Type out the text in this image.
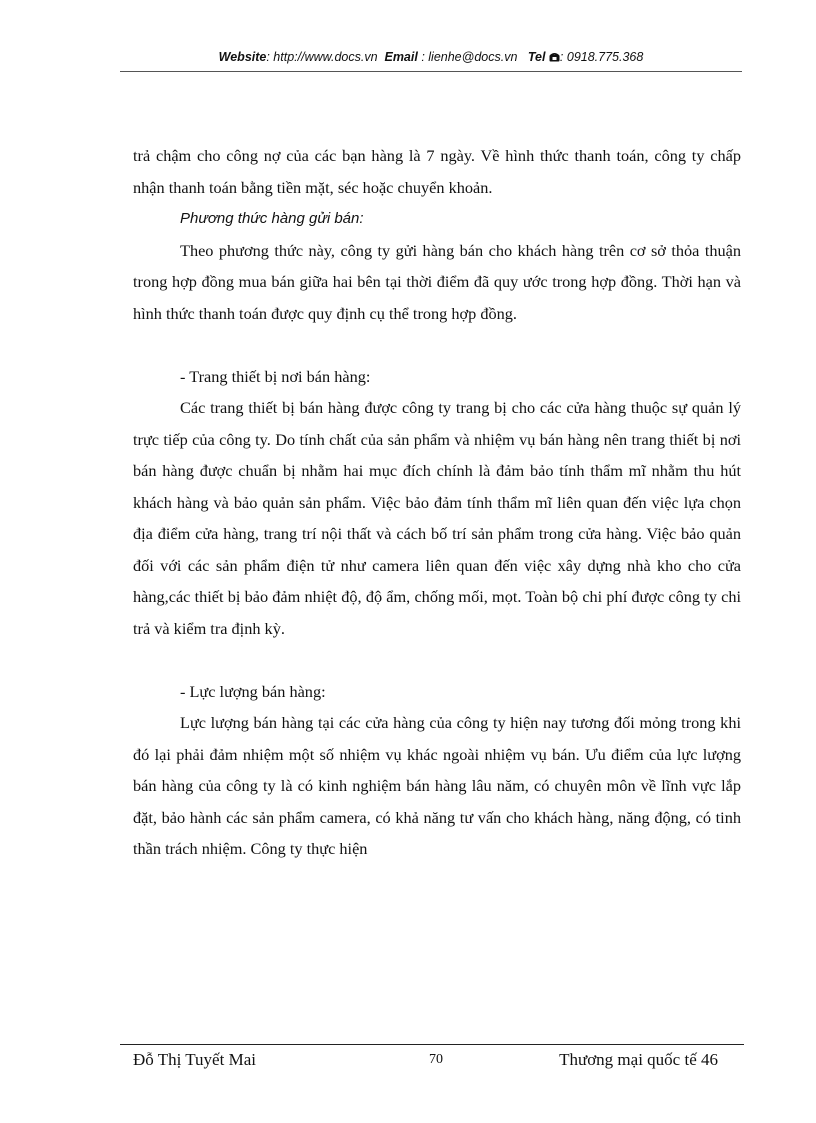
Website: http://www.docs.vn Email : lienhe@docs.vn Tel : 0918.775.368

trả chậm cho công nợ của các bạn hàng là 7 ngày. Về hình thức thanh toán, công ty chấp nhận thanh toán bằng tiền mặt, séc hoặc chuyển khoản.

Phương thức hàng gửi bán:

Theo phương thức này, công ty gửi hàng bán cho khách hàng trên cơ sở thỏa thuận trong hợp đồng mua bán giữa hai bên tại thời điểm đã quy ước trong hợp đồng. Thời hạn và hình thức thanh toán được quy định cụ thể trong hợp đồng.

- Trang thiết bị nơi bán hàng:

Các trang thiết bị bán hàng được công ty trang bị cho các cửa hàng thuộc sự quản lý trực tiếp của công ty. Do tính chất của sản phẩm và nhiệm vụ bán hàng nên trang thiết bị nơi bán hàng được chuẩn bị nhằm hai mục đích chính là đảm bảo tính thẩm mĩ nhằm thu hút khách hàng và bảo quản sản phẩm. Việc bảo đảm tính thẩm mĩ liên quan đến việc lựa chọn địa điểm cửa hàng, trang trí nội thất và cách bố trí sản phẩm trong cửa hàng. Việc bảo quản đối với các sản phẩm điện tử như camera liên quan đến việc xây dựng nhà kho cho cửa hàng,các thiết bị bảo đảm nhiệt độ, độ ẩm, chống mối, mọt. Toàn bộ chi phí được công ty chi trả và kiểm tra định kỳ.

- Lực lượng bán hàng:

Lực lượng bán hàng tại các cửa hàng của công ty hiện nay tương đối mỏng trong khi đó lại phải đảm nhiệm một số nhiệm vụ khác ngoài nhiệm vụ bán. Ưu điểm của lực lượng bán hàng của công ty là có kinh nghiệm bán hàng lâu năm, có chuyên môn về lĩnh vực lắp đặt, bảo hành các sản phẩm camera, có khả năng tư vấn cho khách hàng, năng động, có tinh thần trách nhiệm. Công ty thực hiện

Đỗ Thị Tuyết Mai	70	Thương mại quốc tế 46
